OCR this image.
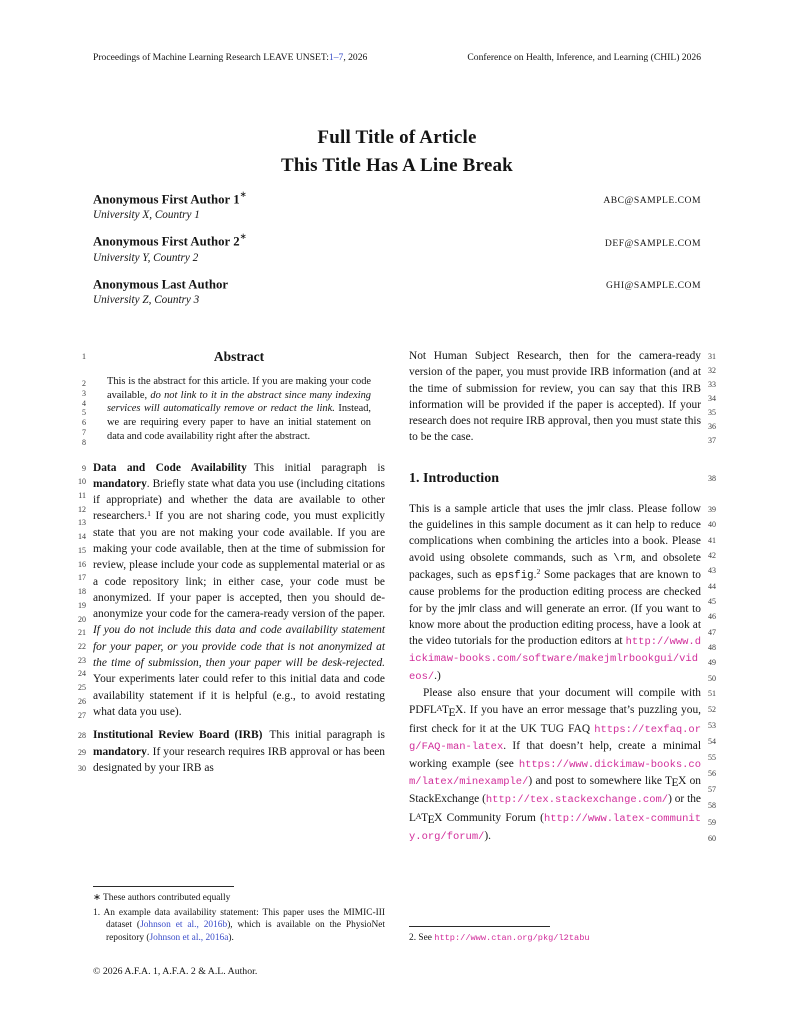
Proceedings of Machine Learning Research LEAVE UNSET:1–7, 2026	Conference on Health, Inference, and Learning (CHIL) 2026
Full Title of Article
This Title Has A Line Break
Anonymous First Author 1∗
ABC@SAMPLE.COM
University X, Country 1
Anonymous First Author 2∗
DEF@SAMPLE.COM
University Y, Country 2
Anonymous Last Author	GHI@SAMPLE.COM
University Z, Country 3
1
2
3
4
5
6
7
8
9
10
11
12
13
14
15
16
17
18
19
20
21
22
23
24
25
26
27
28
29
30
Abstract
This is the abstract for this article. If you are making your code available, do not link to it in the abstract since many indexing services will automatically remove or redact the link. Instead, we are requiring every paper to have an initial statement on data and code availability right after the abstract.
Data and Code Availability This initial paragraph is mandatory. Briefly state what data you use (including citations if appropriate) and whether the data are available to other researchers.$^1$ If you are not sharing code, you must explicitly state that you are not making your code available. If you are making your code available, then at the time of submission for review, please include your code as supplemental material or as a code repository link; in either case, your code must be anonymized. If your paper is accepted, then you should de-anonymize your code for the camera-ready version of the paper. If you do not include this data and code availability statement for your paper, or you provide code that is not anonymized at the time of submission, then your paper will be desk-rejected. Your experiments later could refer to this initial data and code availability statement if it is helpful (e.g., to avoid restating what data you use).
Institutional Review Board (IRB) This initial paragraph is mandatory. If your research requires IRB approval or has been designated by your IRB as
∗ These authors contributed equally
1. An example data availability statement: This paper uses the MIMIC-III dataset (Johnson et al., 2016b), which is available on the PhysioNet repository (Johnson et al., 2016a).
Not Human Subject Research, then for the camera-ready version of the paper, you must provide IRB information (and at the time of submission for review, you can say that this IRB information will be provided if the paper is accepted). If your research does not require IRB approval, then you must state this to be the case.
1. Introduction
This is a sample article that uses the jmlr class. Please follow the guidelines in this sample document as it can help to reduce complications when combining the articles into a book. Please avoid using obsolete commands, such as \rm, and obsolete packages, such as epsfig.$^2$ Some packages that are known to cause problems for the production editing process are checked for by the jmlr class and will generate an error. (If you want to know more about the production editing process, have a look at the video tutorials for the production editors at http://www.dickimaw-books.com/software/makejmlrbookgui/videos/.)
Please also ensure that your document will compile with PDFLATEX. If you have an error message that’s puzzling you, first check for it at the UK TUG FAQ https://texfaq.org/FAQ-man-latex. If that doesn’t help, create a minimal working example (see https://www.dickimaw-books.com/latex/minexample/) and post to somewhere like TEX on StackExchange (http://tex.stackexchange.com/) or the LATEX Community Forum (http://www.latex-community.org/forum/).
2. See http://www.ctan.org/pkg/l2tabu
31
32
33
34
35
36
37
38
39
40
41
42
43
44
45
46
47
48
49
50
51
52
53
54
55
56
57
58
59
60
© 2026 A.F.A. 1, A.F.A. 2 & A.L. Author.
